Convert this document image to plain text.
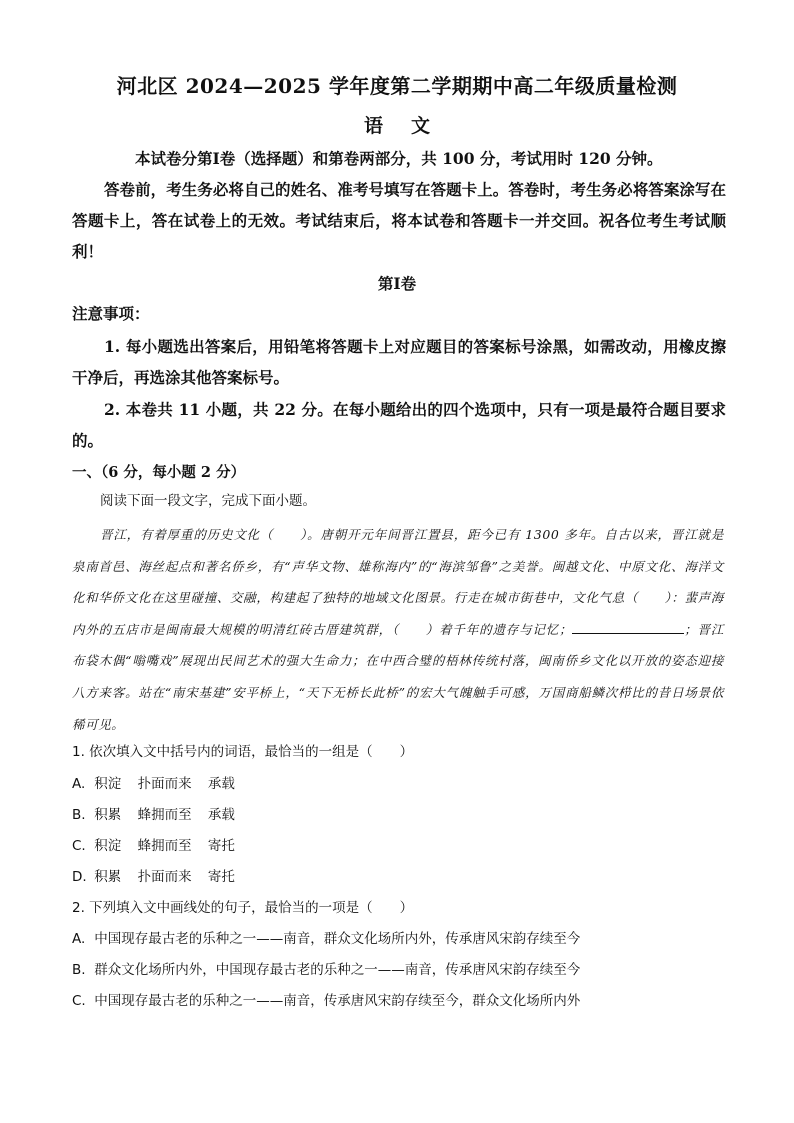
河北区 2024—2025 学年度第二学期期中高二年级质量检测
语文
本试卷分第Ⅰ卷（选择题）和第卷两部分，共 100 分，考试用时 120 分钟。
答卷前，考生务必将自己的姓名、准考号填写在答题卡上。答卷时，考生务必将答案涂写在答题卡上，答在试卷上的无效。考试结束后，将本试卷和答题卡一并交回。祝各位考生考试顺利！
第Ⅰ卷
注意事项：
1. 每小题选出答案后，用铅笔将答题卡上对应题目的答案标号涂黑，如需改动，用橡皮擦干净后，再选涂其他答案标号。
2. 本卷共 11 小题，共 22 分。在每小题给出的四个选项中，只有一项是最符合题目要求的。
一、（6 分，每小题 2 分）
阅读下面一段文字，完成下面小题。
晋江，有着厚重的历史文化（　　）。唐朝开元年间晋江置县，距今已有 1300 多年。自古以来，晋江就是泉南首邑、海丝起点和著名侨乡，有“声华文物、雄称海内”的“海滨邹鲁”之美誉。闽越文化、中原文化、海洋文化和华侨文化在这里碰撞、交融，构建起了独特的地域文化图景。行走在城市街巷中，文化气息（　　）：蜚声海内外的五店市是闽南最大规模的明清红砖古厝建筑群，（　　）着千年的遗存与记忆；	；晋江布袋木偶“嗡嘴戏”展现出民间艺术的强大生命力；在中西合璧的梧林传统村落，闽南侨乡文化以开放的姿态迎接八方来客。站在“南宋基建”安平桥上，“天下无桥长此桥”的宏大气魄触手可感，万国商船鳞次栉比的昔日场景依稀可见。
1. 依次填入文中括号内的词语，最恰当的一组是（　　）
A. 积淀 扑面而来 承载
B. 积累 蜂拥而至 承载
C. 积淀 蜂拥而至 寄托
D. 积累 扑面而来 寄托
2. 下列填入文中画线处的句子，最恰当的一项是（　　）
A. 中国现存最古老的乐种之一——南音，群众文化场所内外，传承唐风宋韵存续至今
B. 群众文化场所内外，中国现存最古老的乐种之一——南音，传承唐风宋韵存续至今
C. 中国现存最古老的乐种之一——南音，传承唐风宋韵存续至今，群众文化场所内外
